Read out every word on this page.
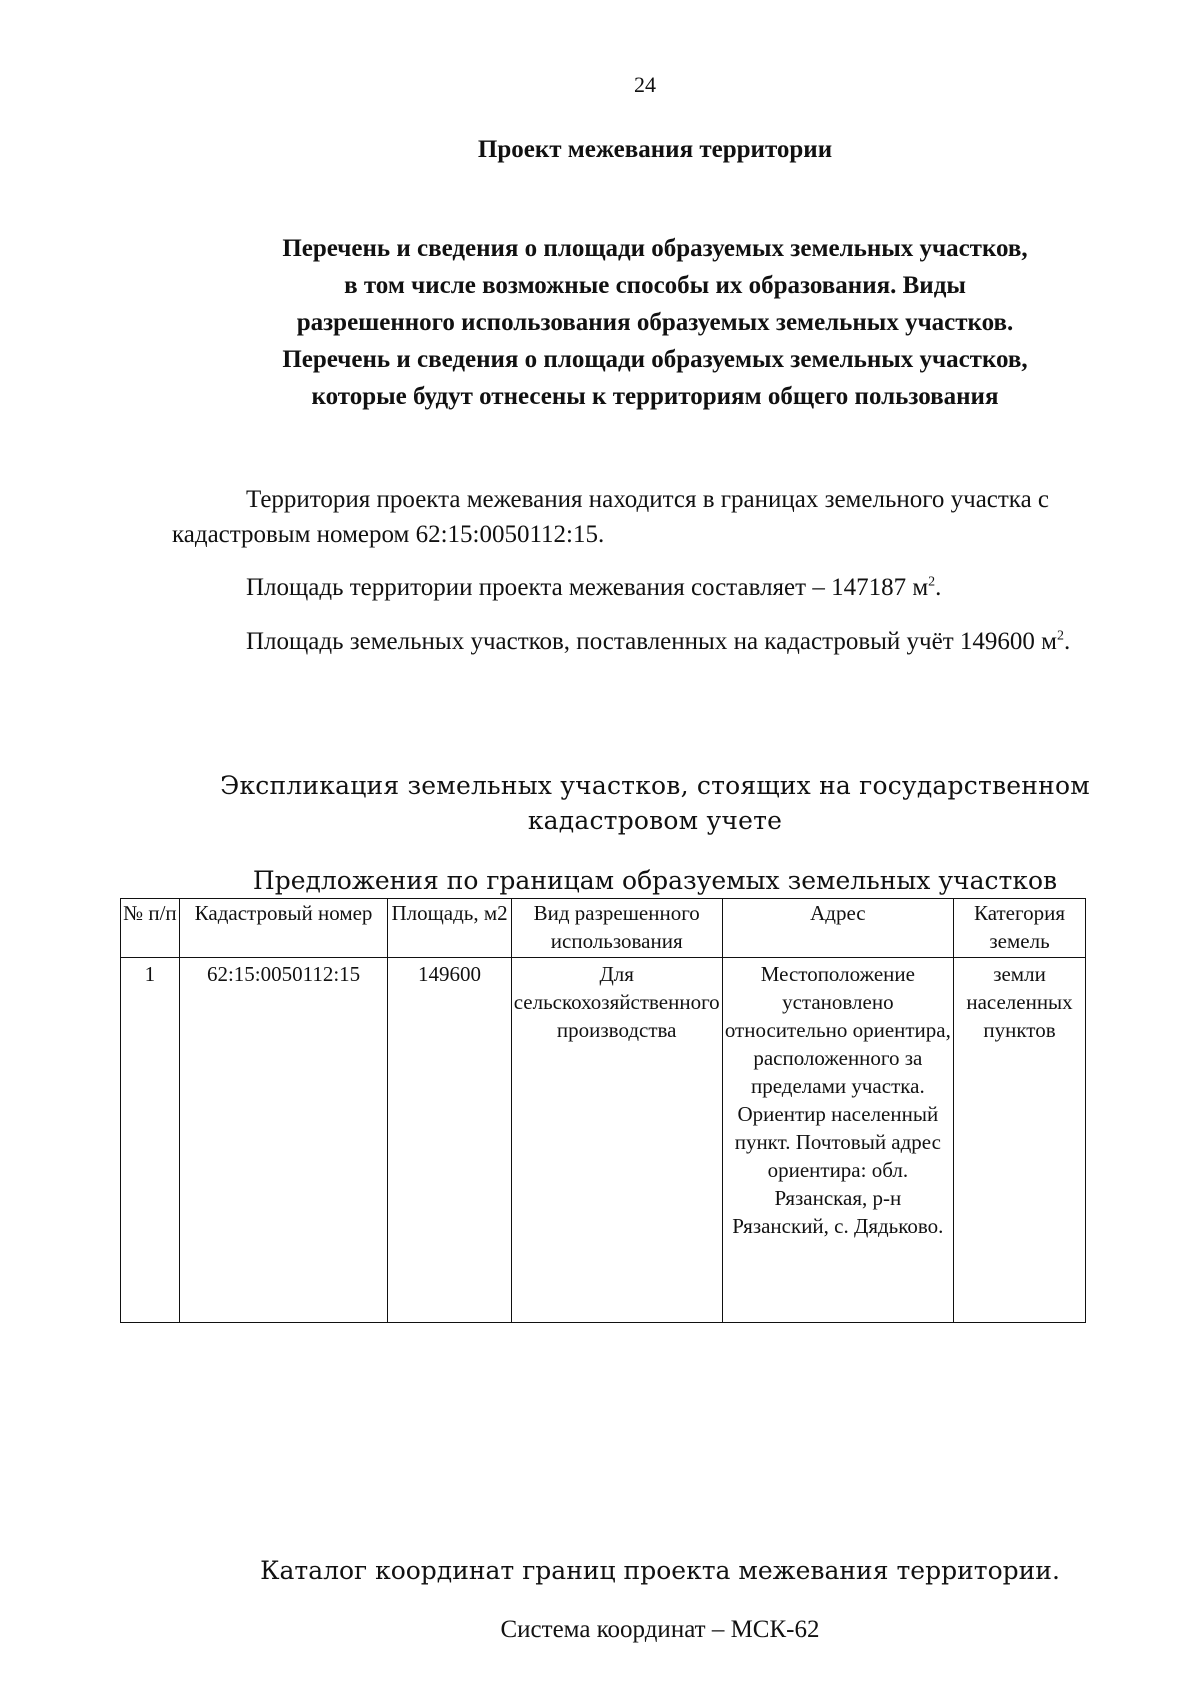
24
Проект межевания территории
Перечень и сведения о площади образуемых земельных участков,
в том числе возможные способы их образования. Виды
разрешенного использования образуемых земельных участков.
Перечень и сведения о площади образуемых земельных участков,
которые будут отнесены к территориям общего пользования
Территория проекта межевания находится в границах земельного участка с кадастровым номером 62:15:0050112:15.
Площадь территории проекта межевания составляет – 147187 $м^2$.
Площадь земельных участков, поставленных на кадастровый учёт 149600 $м^2$.
Экспликация земельных участков, стоящих на государственном
кадастровом учете
Предложения по границам образуемых земельных участков
№ п/п	Кадастровый номер	Площадь, м2	Вид разрешенного использования	Адрес	Категория земель
1	62:15:0050112:15	149600	Для сельскохозяйственного производства	Местоположение установлено относительно ориентира, расположенного за пределами участка. Ориентир населенный пункт. Почтовый адрес ориентира: обл. Рязанская, р-н Рязанский, с. Дядьково.	земли населенных пунктов
Каталог координат границ проекта межевания территории.
Система координат – МСК-62
